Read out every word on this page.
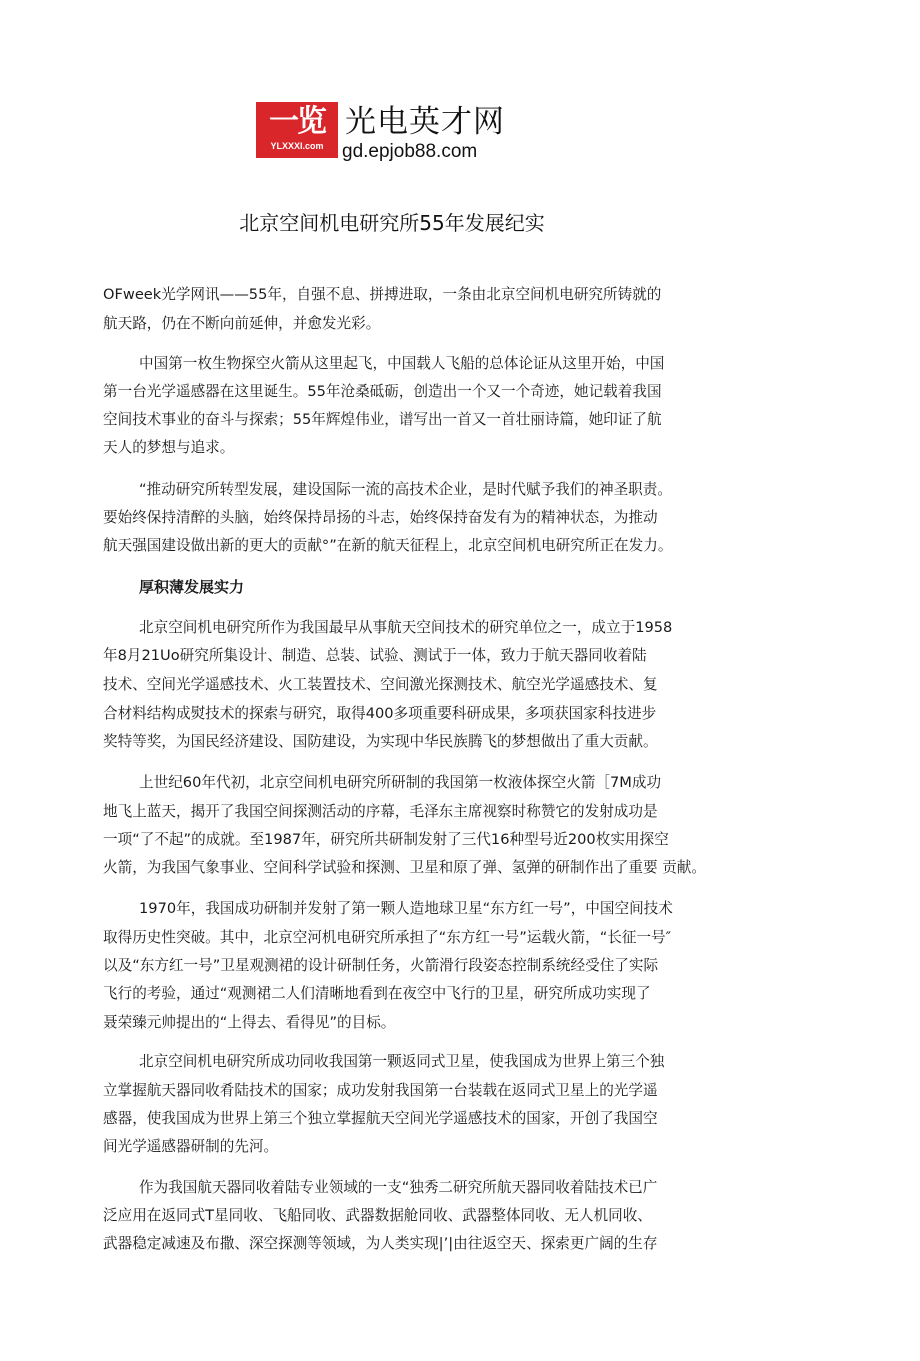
一览
YLXXXI.com
光电英才网
gd.epjob88.com
北京空间机电研究所55年发展纪实
OFweek光学网讯——55年，自强不息、拼搏进取，一条由北京空间机电研究所铸就的
航天路，仍在不断向前延伸，并愈发光彩。
中国第一枚生物探空火箭从这里起飞，中国载人飞船的总体论证从这里开始，中国
第一台光学遥感器在这里诞生。55年沧桑砥砺，创造出一个又一个奇迹，她记载着我国
空间技术事业的奋斗与探索；55年辉煌伟业，谱写出一首又一首壮丽诗篇，她印证了航
天人的梦想与追求。
“推动研究所转型发展，建设国际一流的高技术企业，是时代赋予我们的神圣职责。
要始终保持清醉的头脑，始终保持昂扬的斗志，始终保持奋发有为的精神状态，为推动
航天强国建设做出新的更大的贡献°”在新的航天征程上，北京空间机电研究所正在发力。
厚积薄发展实力
北京空间机电研究所作为我国最早从事航天空间技术的研究单位之一，成立于1958
年8月21Uo研究所集设计、制造、总装、试验、测试于一体，致力于航天器同收着陆
技术、空间光学遥感技术、火工装置技术、空间激光探测技术、航空光学遥感技术、复
合材料结构成熨技术的探索与研究，取得400多项重要科研成果，多项获国家科技进步
奖特等奖，为国民经济建设、国防建设，为实现中华民族腾飞的梦想做出了重大贡献。
上世纪60年代初，北京空间机电研究所研制的我国第一枚液体探空火箭［7M成功
地飞上蓝天，揭开了我国空间探测活动的序幕，毛泽东主席视察时称赞它的发射成功是
一项“了不起”的成就。至1987年，研究所共研制发射了三代16种型号近200枚实用探空
火箭，为我国气象事业、空间科学试验和探测、卫星和原了弹、氢弹的研制作出了重要 贡献。
1970年，我国成功研制并发射了第一颗人造地球卫星“东方红一号”，中国空间技术
取得历史性突破。其中，北京空河机电研究所承担了“东方红一号”运载火箭，“长征一号″
以及“东方红一号”卫星观测裙的设计研制任务，火箭滑行段姿态控制系统经受住了实际
飞行的考验，通过“观测裙二人们清晰地看到在夜空中飞行的卫星，研究所成功实现了
聂荣臻元帅提出的“上得去、看得见”的目标。
北京空间机电研究所成功同收我国第一颗返同式卫星，使我国成为世界上第三个独
立掌握航天器同收肴陆技术的国家；成功发射我国第一台装载在返同式卫星上的光学遥
感器，使我国成为世界上第三个独立掌握航天空间光学遥感技术的国家，开创了我国空
间光学遥感器研制的先河。
作为我国航天器同收着陆专业领域的一支“独秀二研究所航天器同收着陆技术已广
泛应用在返同式T星同收、飞船同收、武器数据舱同收、武器整体同收、无人机同收、
武器稳定减速及布撒、深空探测等领域，为人类实现|’|由往返空天、探索更广阔的生存
